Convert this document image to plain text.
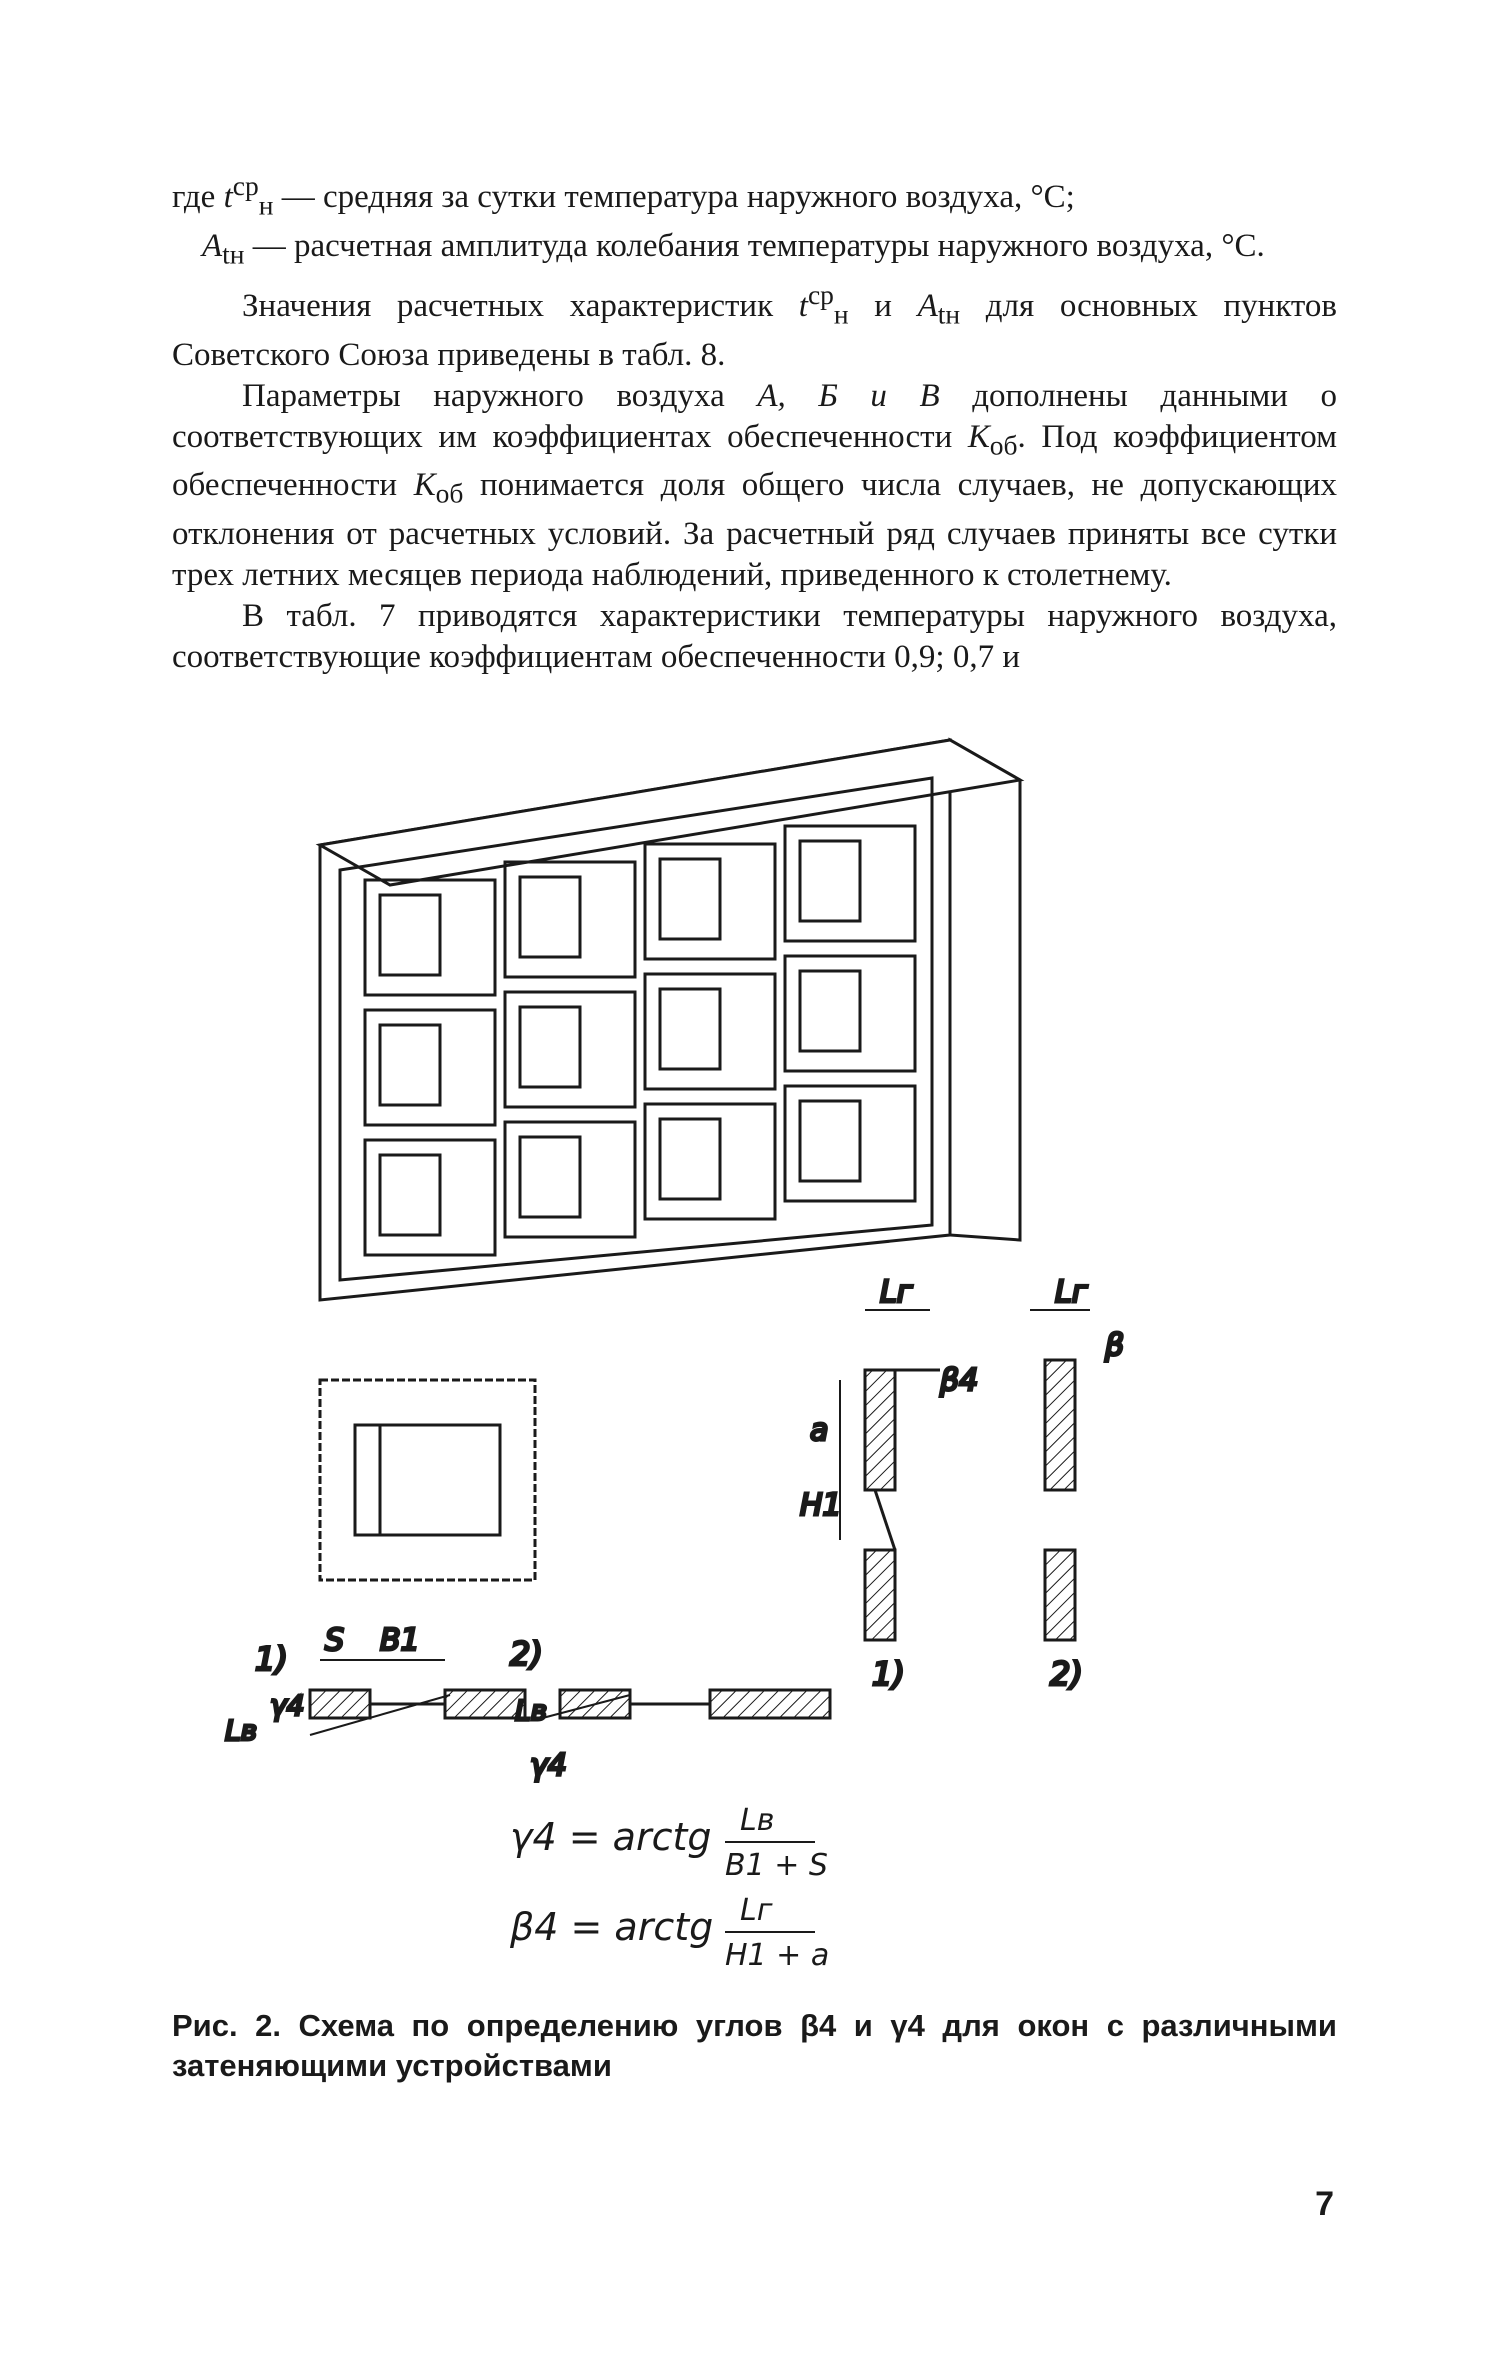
где $t^{ср}_н$ — средняя за сутки температура наружного воздуха, °С;

$A_{tн}$ — расчетная амплитуда колебания температуры наружного воздуха, °С.

Значения расчетных характеристик $t^{ср}_н$ и $A_{tн}$ для основных пунктов Советского Союза приведены в табл. 8.

Параметры наружного воздуха А, Б и В дополнены данными о соответствующих им коэффициентах обеспеченности $К_{об}$. Под коэффициентом обеспеченности $К_{об}$ понимается доля общего числа случаев, не допускающих отклонения от расчетных условий. За расчетный ряд случаев приняты все сутки трех летних месяцев периода наблюдений, приведенного к столетнему.

В табл. 7 приводятся характеристики температуры наружного воздуха, соответствующие коэффициентам обеспеченности 0,9; 0,7 и

Lг
β4
a
H1
1)
Lг
β
2)
1) S B1
γ4
Lв
2)
Lв
γ4
γ4 = arctg Lв
B1 + S
β4 = arctg Lг
H1 + a
Рис. 2. Схема по определению углов β4 и γ4 для окон с различными затеняющими устройствами
7
